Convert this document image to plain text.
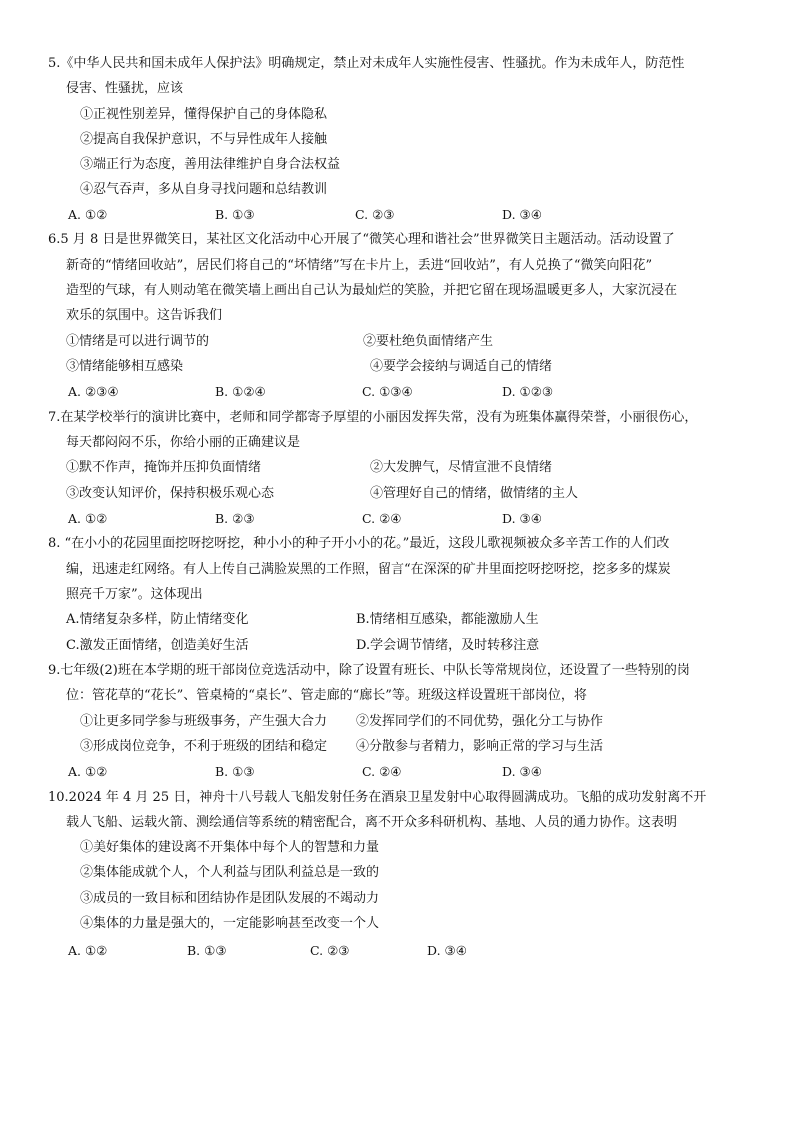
5.《中华人民共和国未成年人保护法》明确规定，禁止对未成年人实施性侵害、性骚扰。作为未成年人，防范性
侵害、性骚扰，应该
①正视性别差异，懂得保护自己的身体隐私
②提高自我保护意识，不与异性成年人接触
③端正行为态度，善用法律维护自身合法权益
④忍气吞声，多从自身寻找问题和总结教训
A. ①②	B. ①③	C. ②③	D. ③④
6.5 月 8 日是世界微笑日，某社区文化活动中心开展了“微笑心理和谐社会”世界微笑日主题活动。活动设置了
新奇的“情绪回收站”，居民们将自己的“坏情绪”写在卡片上，丢进“回收站”，有人兑换了“微笑向阳花”
造型的气球，有人则动笔在微笑墙上画出自己认为最灿烂的笑脸，并把它留在现场温暖更多人，大家沉浸在
欢乐的氛围中。这告诉我们
①情绪是可以进行调节的	②要杜绝负面情绪产生
③情绪能够相互感染	④要学会接纳与调适自己的情绪
A. ②③④	B. ①②④	C. ①③④	D. ①②③
7.在某学校举行的演讲比赛中，老师和同学都寄予厚望的小丽因发挥失常，没有为班集体赢得荣誉，小丽很伤心，
每天都闷闷不乐，你给小丽的正确建议是
①默不作声，掩饰并压抑负面情绪	②大发脾气，尽情宣泄不良情绪
③改变认知评价，保持积极乐观心态	④管理好自己的情绪，做情绪的主人
A. ①②	B. ②③	C. ②④	D. ③④
8. “在小小的花园里面挖呀挖呀挖，种小小的种子开小小的花。”最近，这段儿歌视频被众多辛苦工作的人们改
编，迅速走红网络。有人上传自己满脸炭黑的工作照，留言“在深深的矿井里面挖呀挖呀挖，挖多多的煤炭
照亮千万家”。这体现出
A.情绪复杂多样，防止情绪变化	B.情绪相互感染，都能激励人生
C.激发正面情绪，创造美好生活	D.学会调节情绪，及时转移注意
9.七年级(2)班在本学期的班干部岗位竞选活动中，除了设置有班长、中队长等常规岗位，还设置了一些特别的岗
位：管花草的“花长”、管桌椅的“桌长”、管走廊的“廊长”等。班级这样设置班干部岗位，将
①让更多同学参与班级事务，产生强大合力 ②发挥同学们的不同优势，强化分工与协作
③形成岗位竞争，不利于班级的团结和稳定 ④分散参与者精力，影响正常的学习与生活
A. ①②	B. ①③	C. ②④	D. ③④
10.2024 年 4 月 25 日，神舟十八号载人飞船发射任务在酒泉卫星发射中心取得圆满成功。飞船的成功发射离不开
载人飞船、运载火箭、测绘通信等系统的精密配合，离不开众多科研机构、基地、人员的通力协作。这表明
①美好集体的建设离不开集体中每个人的智慧和力量
②集体能成就个人，个人利益与团队利益总是一致的
③成员的一致目标和团结协作是团队发展的不竭动力
④集体的力量是强大的，一定能影响甚至改变一个人
A. ①②	B. ①③	C. ②③	D. ③④
